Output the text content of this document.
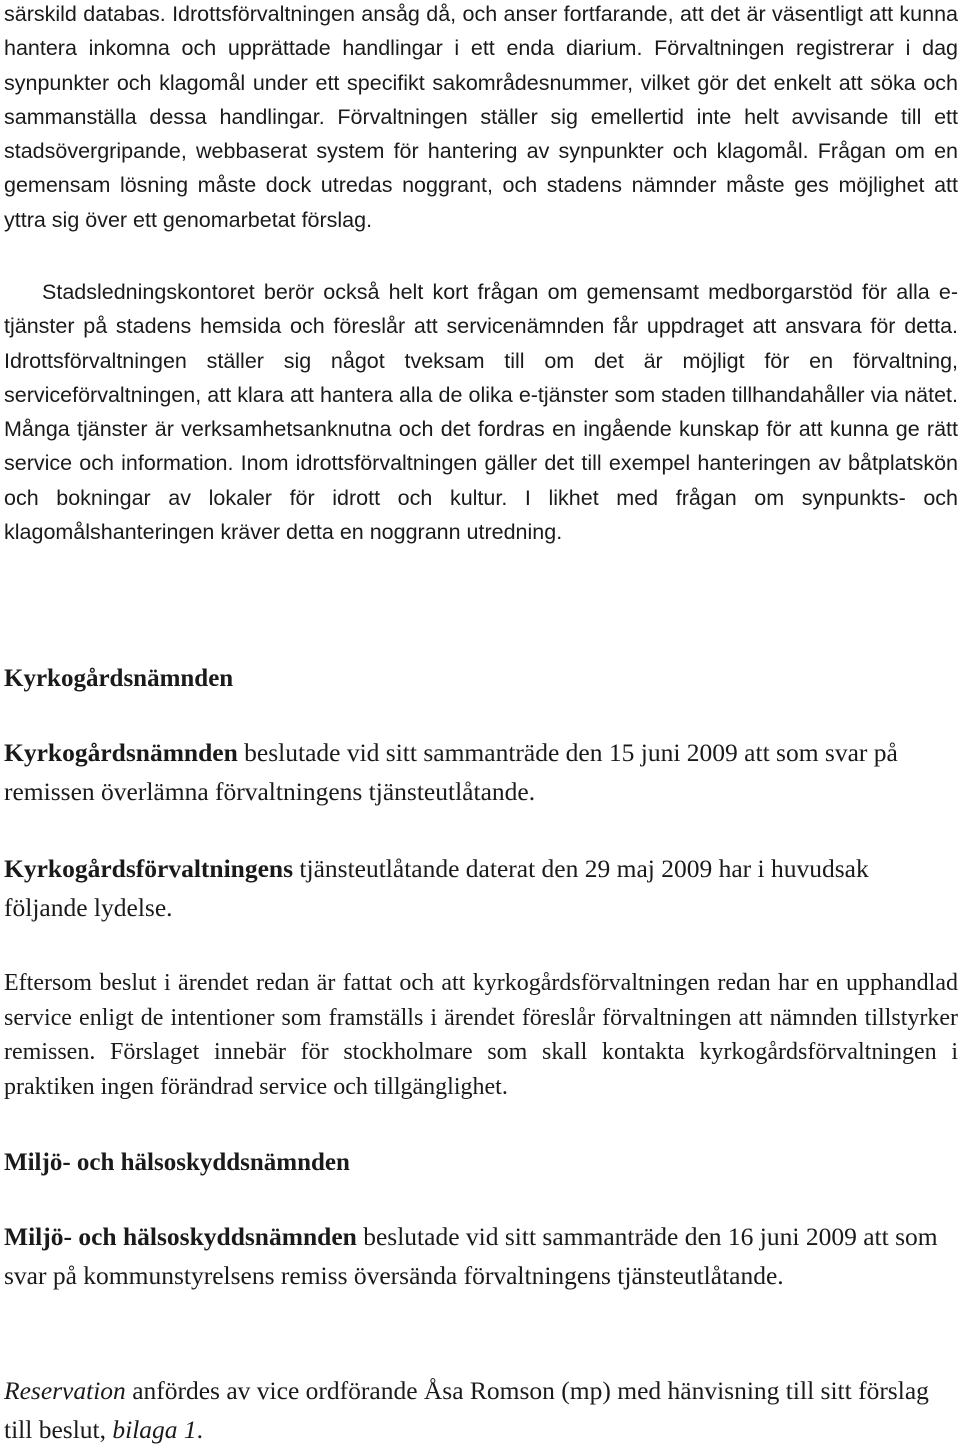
särskild databas. Idrottsförvaltningen ansåg då, och anser fortfarande, att det är väsentligt att kunna hantera inkomna och upprättade handlingar i ett enda diarium. Förvaltningen registrerar i dag synpunkter och klagomål under ett specifikt sakområdesnummer, vilket gör det enkelt att söka och sammanställa dessa handlingar. Förvaltningen ställer sig emellertid inte helt avvisande till ett stadsövergripande, webbaserat system för hantering av synpunkter och klagomål. Frågan om en gemensam lösning måste dock utredas noggrant, och stadens nämnder måste ges möjlighet att yttra sig över ett genomarbetat förslag.

Stadsledningskontoret berör också helt kort frågan om gemensamt medborgarstöd för alla e-tjänster på stadens hemsida och föreslår att servicenämnden får uppdraget att ansvara för detta. Idrottsförvaltningen ställer sig något tveksam till om det är möjligt för en förvaltning, serviceförvaltningen, att klara att hantera alla de olika e-tjänster som staden tillhandahåller via nätet. Många tjänster är verksamhetsanknutna och det fordras en ingående kunskap för att kunna ge rätt service och information. Inom idrottsförvaltningen gäller det till exempel hanteringen av båtplatskön och bokningar av lokaler för idrott och kultur. I likhet med frågan om synpunkts- och klagomålshanteringen kräver detta en noggrann utredning.

Kyrkogårdsnämnden

Kyrkogårdsnämnden beslutade vid sitt sammanträde den 15 juni 2009 att som svar på remissen överlämna förvaltningens tjänsteutlåtande.

Kyrkogårdsförvaltningens tjänsteutlåtande daterat den 29 maj 2009 har i huvudsak följande lydelse.

Eftersom beslut i ärendet redan är fattat och att kyrkogårdsförvaltningen redan har en upphandlad service enligt de intentioner som framställs i ärendet föreslår förvaltningen att nämnden tillstyrker remissen. Förslaget innebär för stockholmare som skall kontakta kyrkogårdsförvaltningen i praktiken ingen förändrad service och tillgänglighet.

Miljö- och hälsoskyddsnämnden

Miljö- och hälsoskyddsnämnden beslutade vid sitt sammanträde den 16 juni 2009 att som svar på kommunstyrelsens remiss översända förvaltningens tjänsteutlåtande.

Reservation anfördes av vice ordförande Åsa Romson (mp) med hänvisning till sitt förslag till beslut, bilaga 1.
